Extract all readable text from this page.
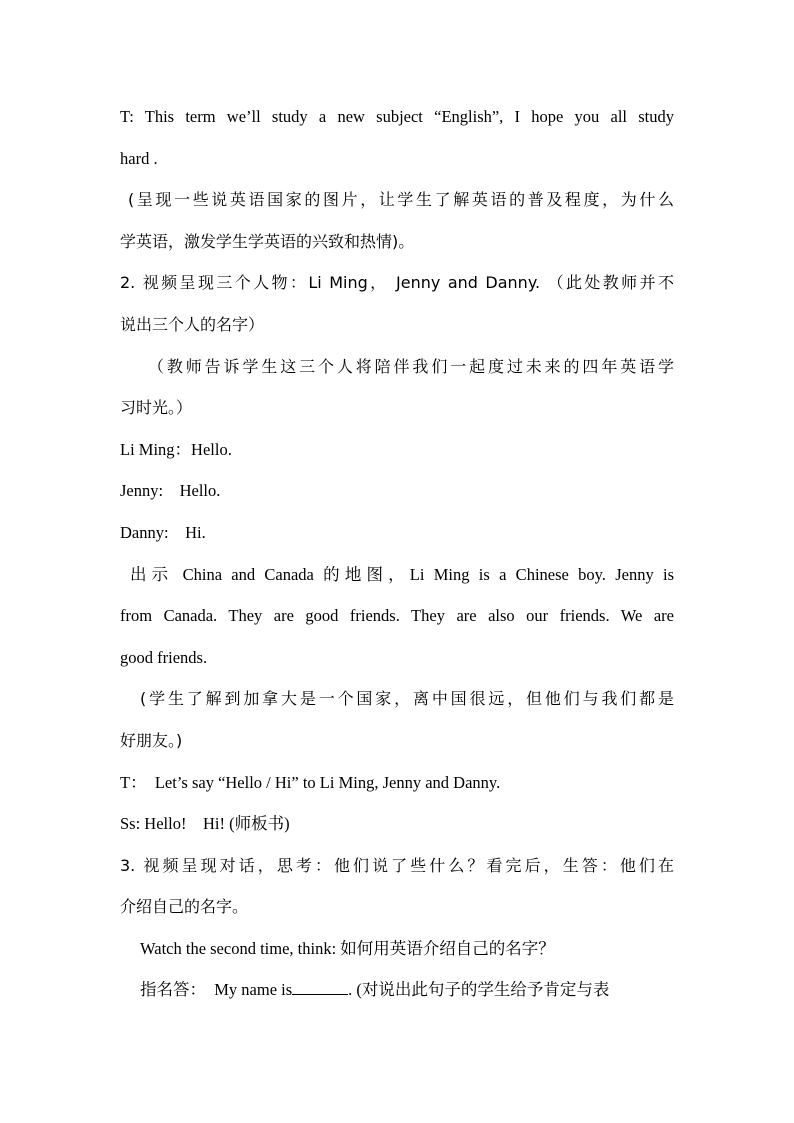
T: This term we’ll study a new subject “English”, I hope you all study
hard .
(呈现一些说英语国家的图片，让学生了解英语的普及程度，为什么
学英语，激发学生学英语的兴致和热情)。
2. 视频呈现三个人物：Li Ming， Jenny and Danny. （此处教师并不
说出三个人的名字）
（教师告诉学生这三个人将陪伴我们一起度过未来的四年英语学
习时光。）
Li Ming：Hello.
Jenny:    Hello.
Danny:    Hi.
出示 China and Canada 的地图，Li Ming is a Chinese boy. Jenny is
from Canada. They are good friends. They are also our friends. We are
good friends.
(学生了解到加拿大是一个国家，离中国很远，但他们与我们都是
好朋友。)
T：  Let’s say “Hello / Hi” to Li Ming, Jenny and Danny.
Ss: Hello!    Hi! (师板书)
3. 视频呈现对话，思考：他们说了些什么？看完后，生答：他们在
介绍自己的名字。
Watch the second time, think: 如何用英语介绍自己的名字？
指名答：  My name is	. (对说出此句子的学生给予肯定与表
